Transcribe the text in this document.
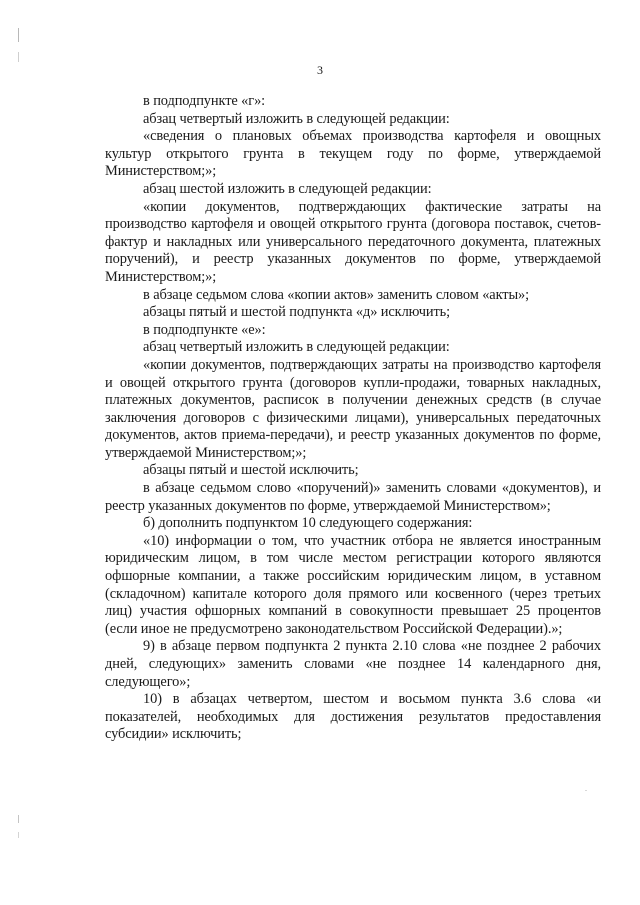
3

в подподпункте «г»:

абзац четвертый изложить в следующей редакции:

«сведения о плановых объемах производства картофеля и овощных культур открытого грунта в текущем году по форме, утверждаемой Министерством;»;

абзац шестой изложить в следующей редакции:

«копии документов, подтверждающих фактические затраты на производство картофеля и овощей открытого грунта (договора поставок, счетов-фактур и накладных или универсального передаточного документа, платежных поручений), и реестр указанных документов по форме, утверждаемой Министерством;»;

в абзаце седьмом слова «копии актов» заменить словом «акты»;

абзацы пятый и шестой подпункта «д» исключить;

в подподпункте «е»:

абзац четвертый изложить в следующей редакции:

«копии документов, подтверждающих затраты на производство картофеля и овощей открытого грунта (договоров купли-продажи, товарных накладных, платежных документов, расписок в получении денежных средств (в случае заключения договоров с физическими лицами), универсальных передаточных документов, актов приема-передачи), и реестр указанных документов по форме, утверждаемой Министерством;»;

абзацы пятый и шестой исключить;

в абзаце седьмом слово «поручений)» заменить словами «документов), и реестр указанных документов по форме, утверждаемой Министерством»;

б) дополнить подпунктом 10 следующего содержания:

«10) информации о том, что участник отбора не является иностранным юридическим лицом, в том числе местом регистрации которого являются офшорные компании, а также российским юридическим лицом, в уставном (складочном) капитале которого доля прямого или косвенного (через третьих лиц) участия офшорных компаний в совокупности превышает 25 процентов (если иное не предусмотрено законодательством Российской Федерации).»;

9) в абзаце первом подпункта 2 пункта 2.10 слова «не позднее 2 рабочих дней, следующих» заменить словами «не позднее 14 календарного дня, следующего»;

10) в абзацах четвертом, шестом и восьмом пункта 3.6 слова «и показателей, необходимых для достижения результатов предоставления субсидии» исключить;
